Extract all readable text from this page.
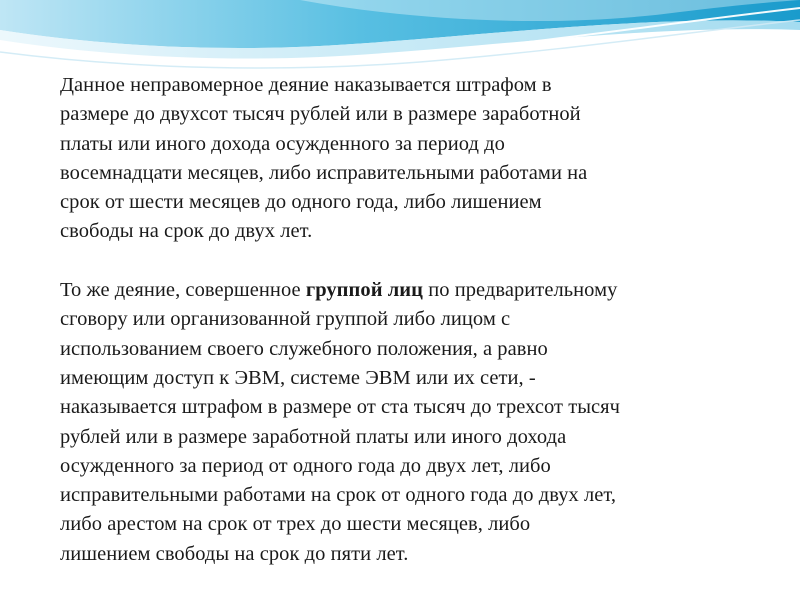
Данное неправомерное деяние наказывается штрафом в
размере до двухсот тысяч рублей или в размере заработной
платы или иного дохода осужденного за период до
восемнадцати месяцев, либо исправительными работами на
срок от шести месяцев до одного года, либо лишением
свободы на срок до двух лет.

То же деяние, совершенное группой лиц по предварительному
сговору или организованной группой либо лицом с
использованием своего служебного положения, а равно
имеющим доступ к ЭВМ, системе ЭВМ или их сети, -
наказывается штрафом в размере от ста тысяч до трехсот тысяч
рублей или в размере заработной платы или иного дохода
осужденного за период от одного года до двух лет, либо
исправительными работами на срок от одного года до двух лет,
либо арестом на срок от трех до шести месяцев, либо
лишением свободы на срок до пяти лет.
